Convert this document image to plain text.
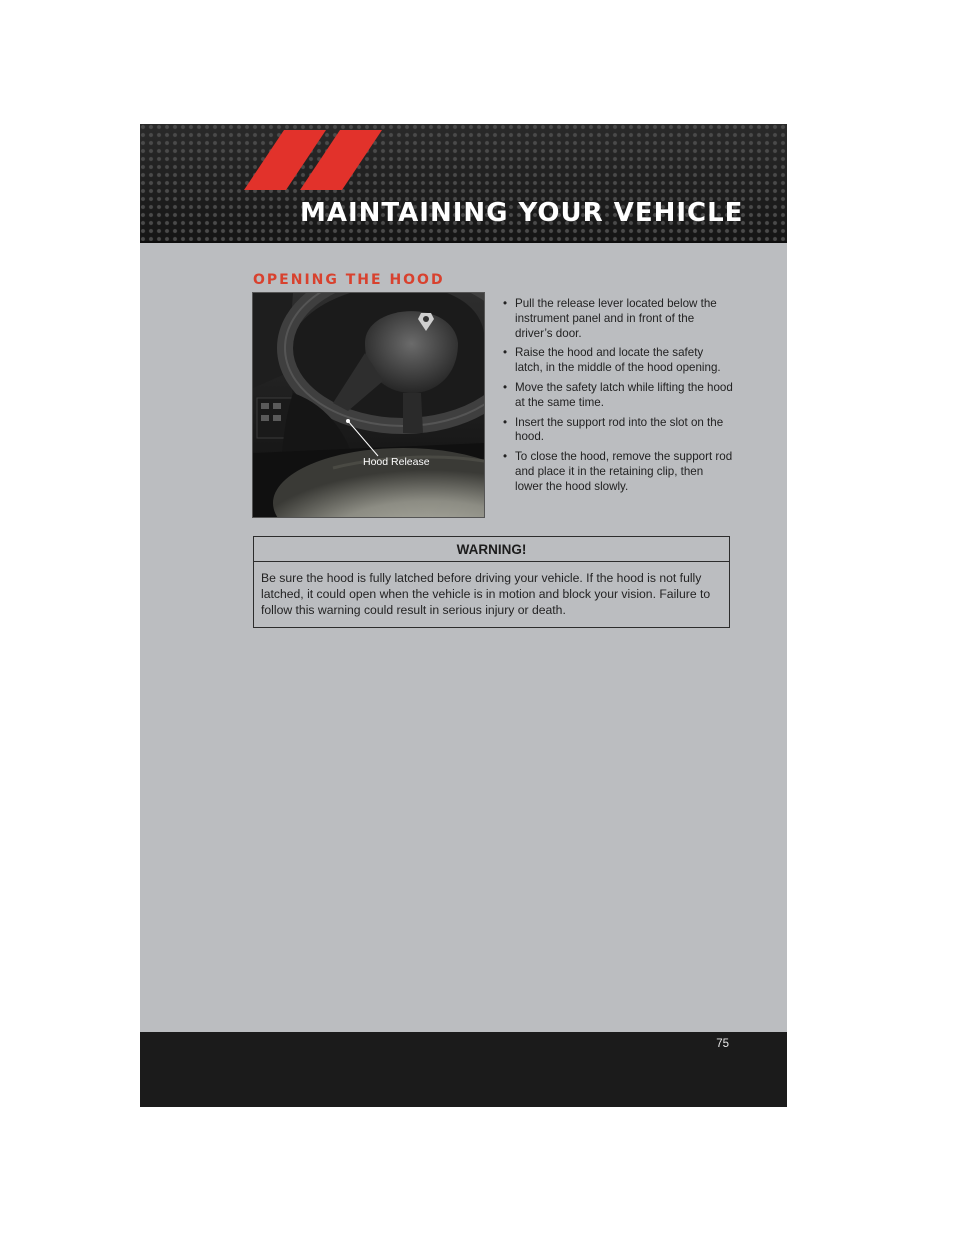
MAINTAINING YOUR VEHICLE
OPENING THE HOOD
Hood Release
• Pull the release lever located below the instrument panel and in front of the driver’s door.
• Raise the hood and locate the safety latch, in the middle of the hood opening.
• Move the safety latch while lifting the hood at the same time.
• Insert the support rod into the slot on the hood.
• To close the hood, remove the support rod and place it in the retaining clip, then lower the hood slowly.
WARNING!
Be sure the hood is fully latched before driving your vehicle. If the hood is not fully latched, it could open when the vehicle is in motion and block your vision. Failure to follow this warning could result in serious injury or death.
75
